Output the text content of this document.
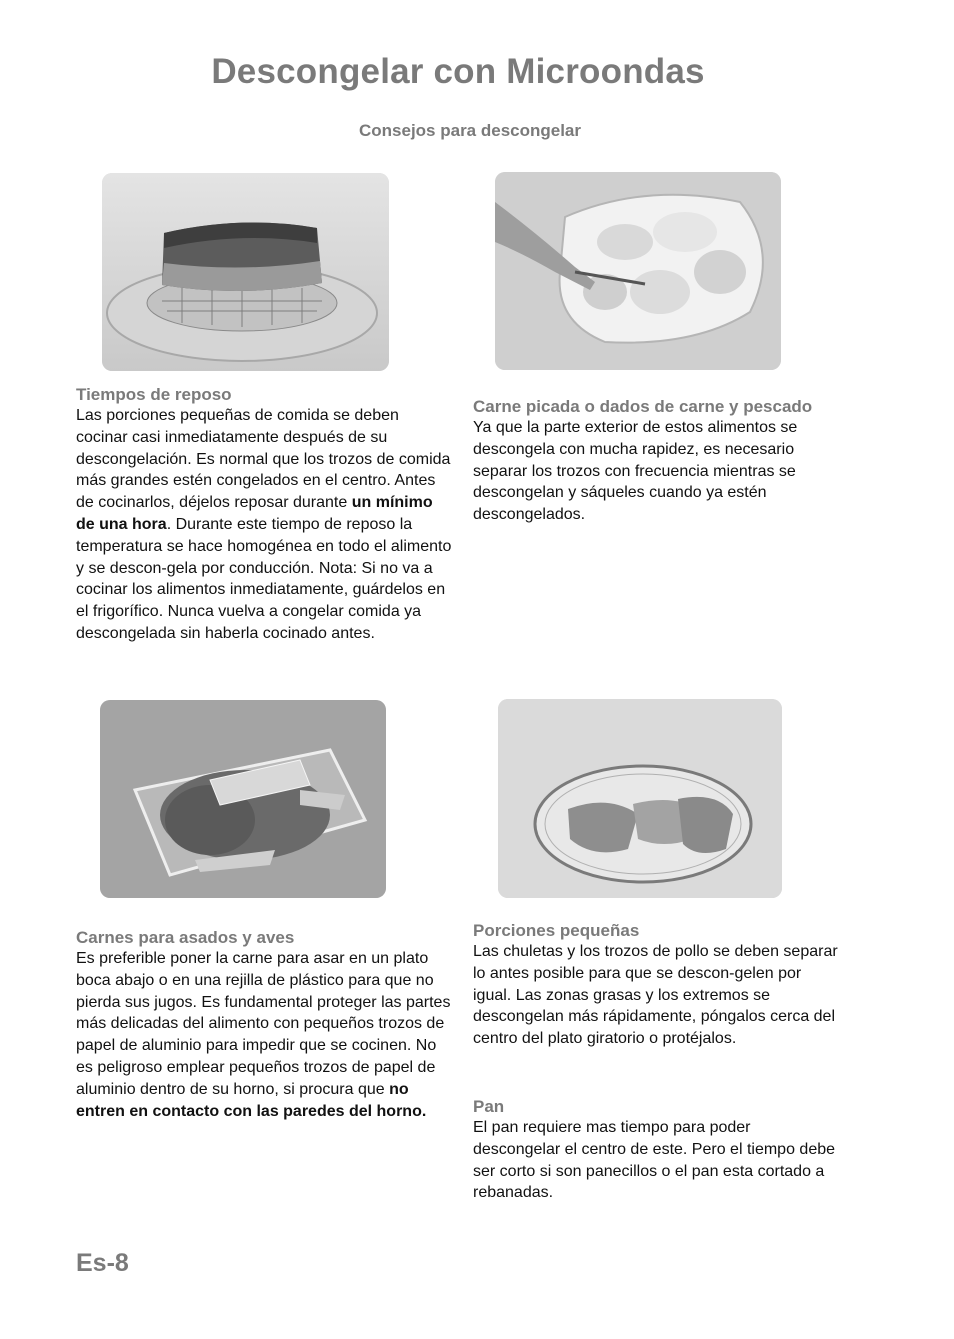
Descongelar con Microondas
Consejos para descongelar
Tiempos de reposo

Las porciones pequeñas de comida se deben cocinar casi inmediatamente después de su descongelación. Es normal que los trozos de comida más grandes estén congelados en el centro. Antes de cocinarlos, déjelos reposar durante un mínimo de una hora. Durante este tiempo de reposo la temperatura se hace homogénea en todo el alimento y se descon-gela por conducción. Nota: Si no va a cocinar los alimentos inmediatamente, guárdelos en el frigorífico. Nunca vuelva a congelar comida ya descongelada sin haberla cocinado antes.

Carne picada o dados de carne y pescado

Ya que la parte exterior de estos alimentos se descongela con mucha rapidez, es necesario separar los trozos con frecuencia mientras se descongelan y sáqueles cuando ya estén descongelados.

Carnes para asados y aves

Es preferible poner la carne para asar en un plato boca abajo o en una rejilla de plástico para que no pierda sus jugos. Es fundamental proteger las partes más delicadas del alimento con pequeños trozos de papel de aluminio para impedir que se cocinen. No es peligroso emplear pequeños trozos de papel de aluminio dentro de su horno, si procura que no entren en contacto con las paredes del horno.

Porciones pequeñas

Las chuletas y los trozos de pollo se deben separar lo antes posible para que se descon-gelen por igual. Las zonas grasas y los extremos se descongelan más rápidamente, póngalos cerca del centro del plato giratorio o protéjalos.

Pan

El pan requiere mas tiempo para poder descongelar el centro de este. Pero el tiempo debe ser corto si son panecillos o el pan esta cortado a rebanadas.

Es-8
